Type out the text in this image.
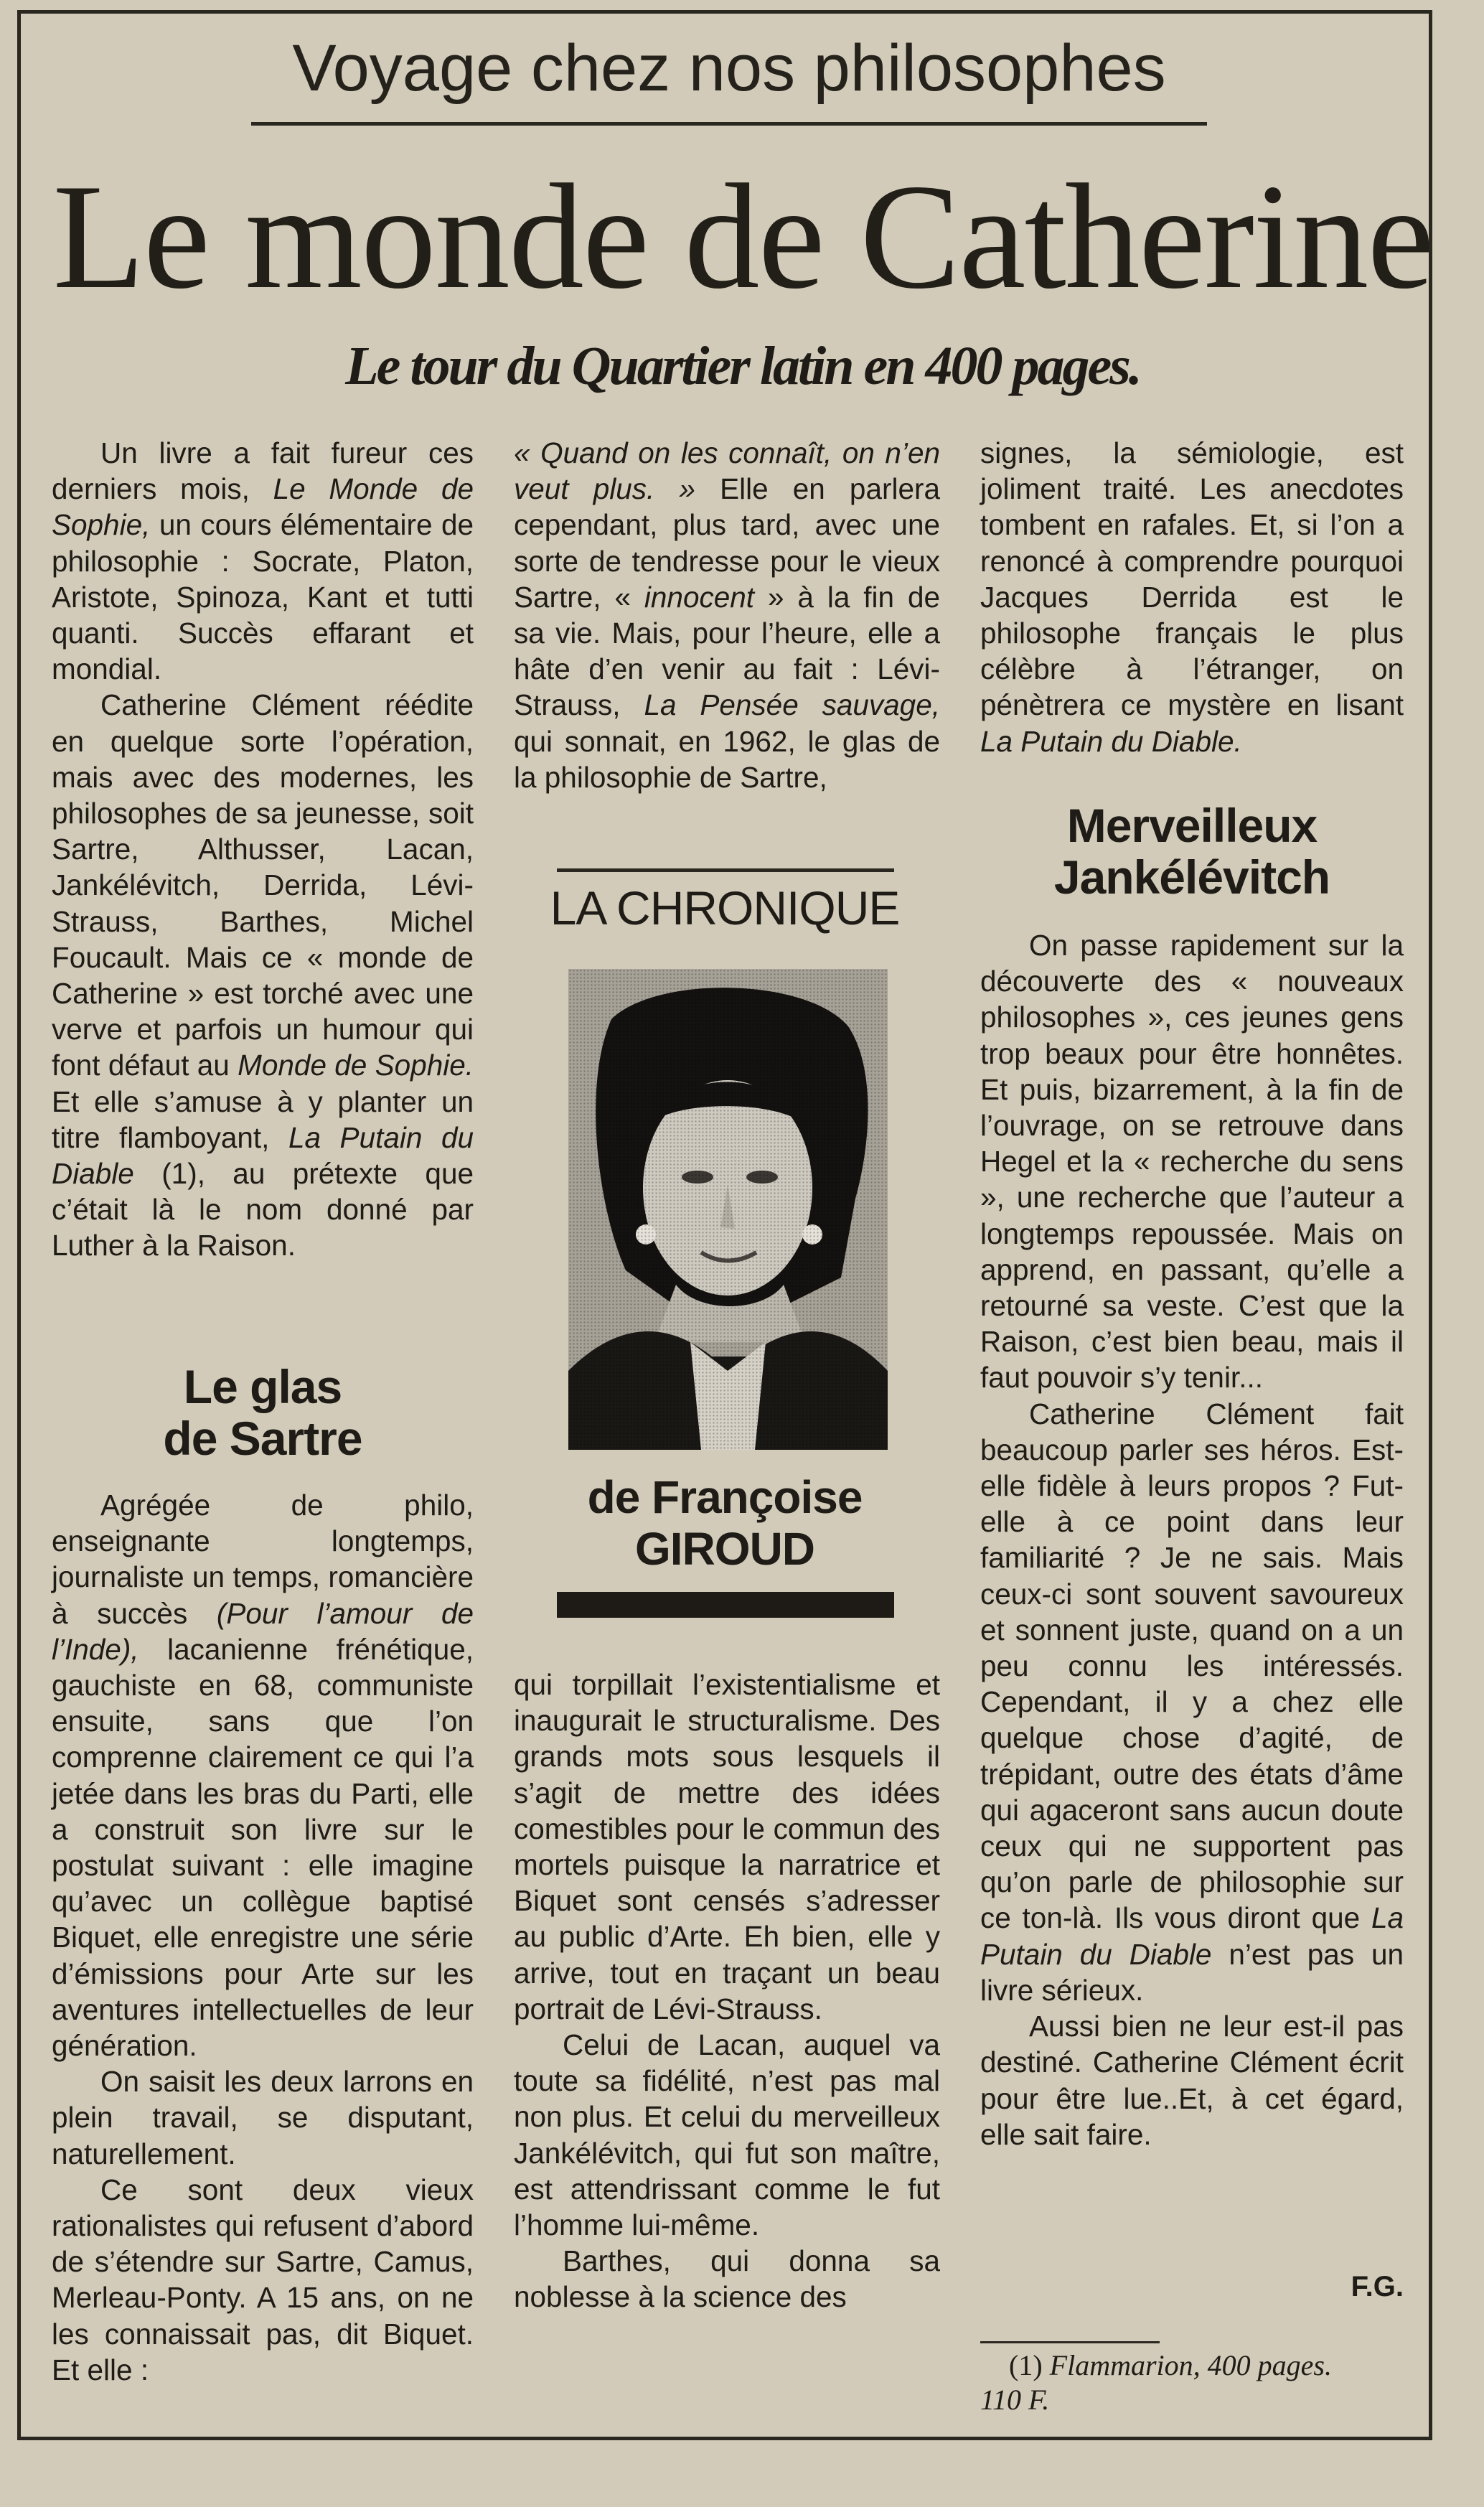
Voyage chez nos philosophes
Le monde de Catherine
Le tour du Quartier latin en 400 pages.

Un livre a fait fureur ces derniers mois, Le Monde de Sophie, un cours élémentaire de philosophie : Socrate, Platon, Aristote, Spinoza, Kant et tutti quanti. Succès effarant et mondial.

Catherine Clément réédite en quelque sorte l’opération, mais avec des modernes, les philosophes de sa jeunesse, soit Sartre, Althusser, Lacan, Jankélévitch, Derrida, Lévi-Strauss, Barthes, Michel Foucault. Mais ce « monde de Catherine » est torché avec une verve et parfois un humour qui font défaut au Monde de Sophie. Et elle s’amuse à y planter un titre flamboyant, La Putain du Diable (1), au prétexte que c’était là le nom donné par Luther à la Raison.

Le glas
de Sartre

Agrégée de philo, enseignante longtemps, journaliste un temps, romancière à succès (Pour l’amour de l’Inde), lacanienne frénétique, gauchiste en 68, communiste ensuite, sans que l’on comprenne clairement ce qui l’a jetée dans les bras du Parti, elle a construit son livre sur le postulat suivant : elle imagine qu’avec un collègue baptisé Biquet, elle enregistre une série d’émissions pour Arte sur les aventures intellectuelles de leur génération.

On saisit les deux larrons en plein travail, se disputant, naturellement.

Ce sont deux vieux rationalistes qui refusent d’abord de s’étendre sur Sartre, Camus, Merleau-Ponty. A 15 ans, on ne les connaissait pas, dit Biquet. Et elle :

« Quand on les connaît, on n’en veut plus. » Elle en parlera cependant, plus tard, avec une sorte de tendresse pour le vieux Sartre, « innocent » à la fin de sa vie. Mais, pour l’heure, elle a hâte d’en venir au fait : Lévi-Strauss, La Pensée sauvage, qui sonnait, en 1962, le glas de la philosophie de Sartre,

LA CHRONIQUE
de Françoise
GIROUD

qui torpillait l’existentialisme et inaugurait le structuralisme. Des grands mots sous lesquels il s’agit de mettre des idées comestibles pour le commun des mortels puisque la narratrice et Biquet sont censés s’adresser au public d’Arte. Eh bien, elle y arrive, tout en traçant un beau portrait de Lévi-Strauss.

Celui de Lacan, auquel va toute sa fidélité, n’est pas mal non plus. Et celui du merveilleux Jankélévitch, qui fut son maître, est attendrissant comme le fut l’homme lui-même.

Barthes, qui donna sa noblesse à la science des

signes, la sémiologie, est joliment traité. Les anecdotes tombent en rafales. Et, si l’on a renoncé à comprendre pourquoi Jacques Derrida est le philosophe français le plus célèbre à l’étranger, on pénètrera ce mystère en lisant La Putain du Diable.

Merveilleux
Jankélévitch

On passe rapidement sur la découverte des « nouveaux philosophes », ces jeunes gens trop beaux pour être honnêtes. Et puis, bizarrement, à la fin de l’ouvrage, on se retrouve dans Hegel et la « recherche du sens », une recherche que l’auteur a longtemps repoussée. Mais on apprend, en passant, qu’elle a retourné sa veste. C’est que la Raison, c’est bien beau, mais il faut pouvoir s’y tenir...

Catherine Clément fait beaucoup parler ses héros. Est-elle fidèle à leurs propos ? Fut-elle à ce point dans leur familiarité ? Je ne sais. Mais ceux-ci sont souvent savoureux et sonnent juste, quand on a un peu connu les intéressés. Cependant, il y a chez elle quelque chose d’agité, de trépidant, outre des états d’âme qui agaceront sans aucun doute ceux qui ne supportent pas qu’on parle de philosophie sur ce ton-là. Ils vous diront que La Putain du Diable n’est pas un livre sérieux.

Aussi bien ne leur est-il pas destiné. Catherine Clément écrit pour être lue..Et, à cet égard, elle sait faire.

F.G.
(1) Flammarion, 400 pages.
110 F.
